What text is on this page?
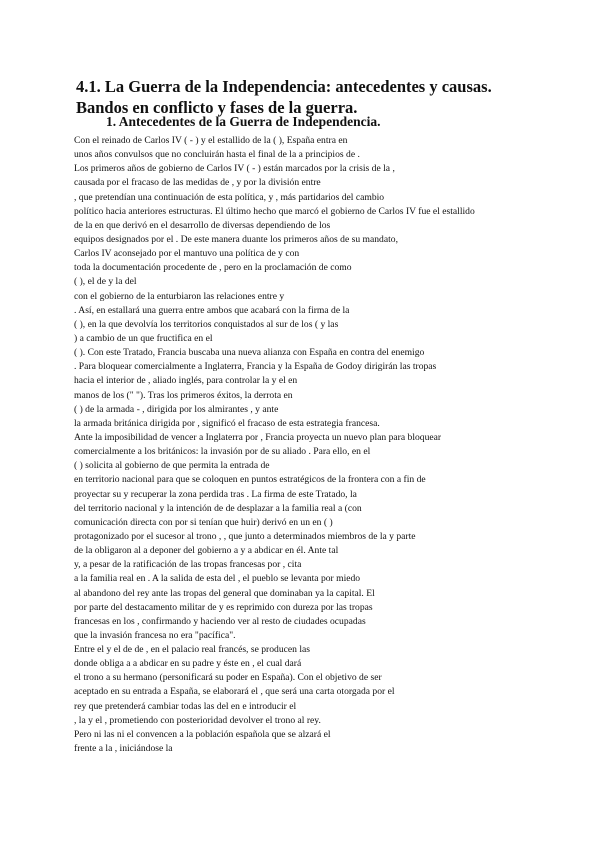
4.1. La Guerra de la Independencia: antecedentes y causas.
Bandos en conflicto y fases de la guerra.
1. Antecedentes de la Guerra de Independencia.
Con el reinado de Carlos IV ( - ) y el estallido de la ( ), España entra en
unos años convulsos que no concluirán hasta el final de la a principios de .
Los primeros años de gobierno de Carlos IV ( - ) están marcados por la crisis de la ,
causada por el fracaso de las medidas de , y por la división entre
, que pretendían una continuación de esta política, y , más partidarios del cambio
político hacia anteriores estructuras. El último hecho que marcó el gobierno de Carlos IV fue el estallido
de la en que derivó en el desarrollo de diversas dependiendo de los
equipos designados por el . De este manera duante los primeros años de su mandato,
Carlos IV aconsejado por el mantuvo una política de y con
toda la documentación procedente de , pero en la proclamación de como
( ), el de y la del
con el gobierno de la enturbiaron las relaciones entre y
. Así, en estallará una guerra entre ambos que acabará con la firma de la
( ), en la que devolvía los territorios conquistados al sur de los ( y las
) a cambio de un que fructifica en el
( ). Con este Tratado, Francia buscaba una nueva alianza con España en contra del enemigo
. Para bloquear comercialmente a Inglaterra, Francia y la España de Godoy dirigirán las tropas
hacia el interior de , aliado inglés, para controlar la y el en
manos de los (" "). Tras los primeros éxitos, la derrota en
( ) de la armada - , dirigida por los almirantes , y ante
la armada británica dirigida por , significó el fracaso de esta estrategia francesa.
Ante la imposibilidad de vencer a Inglaterra por , Francia proyecta un nuevo plan para bloquear
comercialmente a los británicos: la invasión por de su aliado . Para ello, en el
( ) solicita al gobierno de que permita la entrada de
en territorio nacional para que se coloquen en puntos estratégicos de la frontera con a fin de
proyectar su y recuperar la zona perdida tras . La firma de este Tratado, la
del territorio nacional y la intención de de desplazar a la familia real a (con
comunicación directa con por si tenían que huir) derivó en un en ( )
protagonizado por el sucesor al trono , , que junto a determinados miembros de la y parte
de la obligaron al a deponer del gobierno a y a abdicar en él. Ante tal
y, a pesar de la ratificación de las tropas francesas por , cita
a la familia real en . A la salida de esta del , el pueblo se levanta por miedo
al abandono del rey ante las tropas del general que dominaban ya la capital. El
por parte del destacamento militar de y es reprimido con dureza por las tropas
francesas en los , confirmando y haciendo ver al resto de ciudades ocupadas
que la invasión francesa no era "pacífica".
Entre el y el de de , en el palacio real francés, se producen las
donde obliga a a abdicar en su padre y éste en , el cual dará
el trono a su hermano (personificará su poder en España). Con el objetivo de ser
aceptado en su entrada a España, se elaborará el , que será una carta otorgada por el
rey que pretenderá cambiar todas las del en e introducir el
, la y el , prometiendo con posterioridad devolver el trono al rey.
Pero ni las ni el convencen a la población española que se alzará el
frente a la , iniciándose la
